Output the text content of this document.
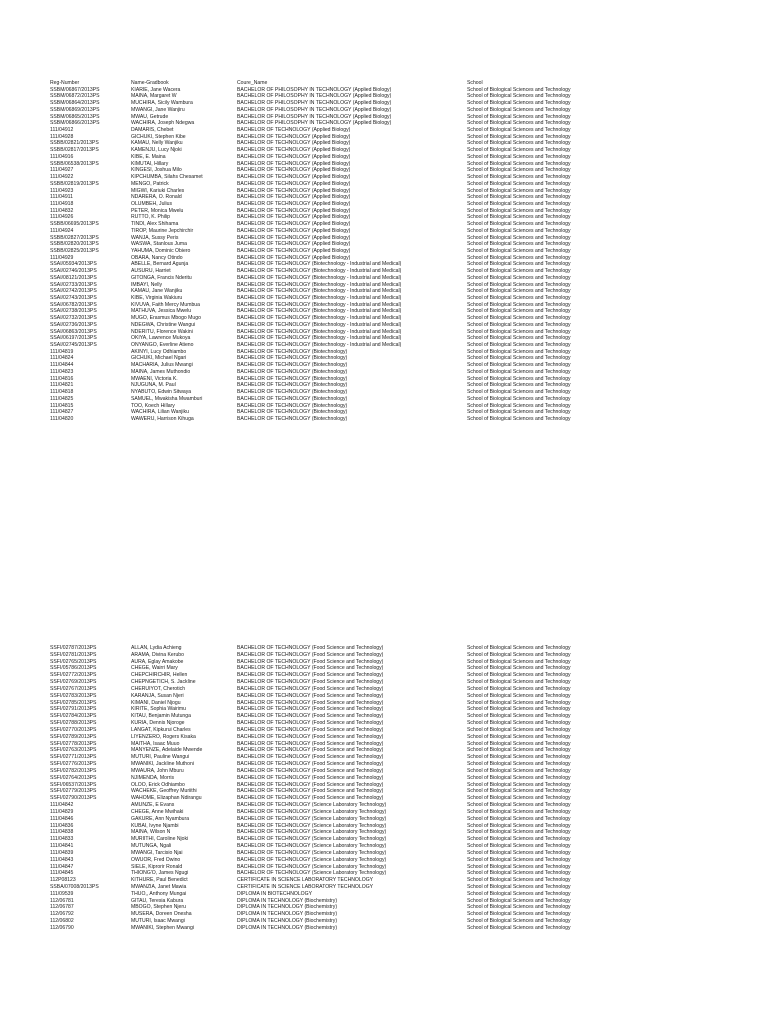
Reg-Number	Name-Gradbook	Coure_Name	School
SSBM/06867/2013PS	KIARIE, Jane Wacera	BACHELOR OF PHILOSOPHY IN TECHNOLOGY (Applied Biology)	School of Biological Sciences and Technology
SSBM/06872/2013PS	MAINA, Margaret W	BACHELOR OF PHILOSOPHY IN TECHNOLOGY (Applied Biology)	School of Biological Sciences and Technology
SSBM/06864/2013PS	MUCHIRA, Sicily Wambura	BACHELOR OF PHILOSOPHY IN TECHNOLOGY (Applied Biology)	School of Biological Sciences and Technology
SSBM/06869/2013PS	MWANGI, Jane Wanjiru	BACHELOR OF PHILOSOPHY IN TECHNOLOGY (Applied Biology)	School of Biological Sciences and Technology
SSBM/06865/2013PS	MWAU, Getrude	BACHELOR OF PHILOSOPHY IN TECHNOLOGY (Applied Biology)	School of Biological Sciences and Technology
SSBM/06866/2013PS	WACHIRA, Joseph Ndegwa	BACHELOR OF PHILOSOPHY IN TECHNOLOGY (Applied Biology)	School of Biological Sciences and Technology
111/04912	DAMARIS, Chebet	BACHELOR OF TECHNOLOGY (Applied Biology)	School of Biological Sciences and Technology
111/04928	GICHUKI, Stephen Kibe	BACHELOR OF TECHNOLOGY (Applied Biology)	School of Biological Sciences and Technology
SSBB/02821/2013PS	KAMAU, Nelly Wanjiku	BACHELOR OF TECHNOLOGY (Applied Biology)	School of Biological Sciences and Technology
SSBB/02817/2013PS	KAMENJU, Lucy Njoki	BACHELOR OF TECHNOLOGY (Applied Biology)	School of Biological Sciences and Technology
111/04916	KIBE, E. Maina	BACHELOR OF TECHNOLOGY (Applied Biology)	School of Biological Sciences and Technology
SSBB/06538/2013PS	KIMUTAI, Hillary	BACHELOR OF TECHNOLOGY (Applied Biology)	School of Biological Sciences and Technology
111/04927	KINGESI, Joshua Milo	BACHELOR OF TECHNOLOGY (Applied Biology)	School of Biological Sciences and Technology
111/04922	KIPCHUMBA, Silahs Chesamet	BACHELOR OF TECHNOLOGY (Applied Biology)	School of Biological Sciences and Technology
SSBB/02819/2013PS	MENGO, Patrick	BACHELOR OF TECHNOLOGY (Applied Biology)	School of Biological Sciences and Technology
111/04923	MIGWI, Kariuki Charles	BACHELOR OF TECHNOLOGY (Applied Biology)	School of Biological Sciences and Technology
111/04911	NDARERA, O. Ronald	BACHELOR OF TECHNOLOGY (Applied Biology)	School of Biological Sciences and Technology
111/04918	OLUMBEH, Julius	BACHELOR OF TECHNOLOGY (Applied Biology)	School of Biological Sciences and Technology
111/04832	PETER, Monica Mwelu	BACHELOR OF TECHNOLOGY (Applied Biology)	School of Biological Sciences and Technology
111/04926	RUTTO, K. Philip	BACHELOR OF TECHNOLOGY (Applied Biology)	School of Biological Sciences and Technology
SSBB/06695/2013PS	TINDI, Alex Shihama	BACHELOR OF TECHNOLOGY (Applied Biology)	School of Biological Sciences and Technology
111/04924	TIROP, Maurine Jepchirchir	BACHELOR OF TECHNOLOGY (Applied Biology)	School of Biological Sciences and Technology
SSBB/02827/2013PS	WANJA, Sussy Peris	BACHELOR OF TECHNOLOGY (Applied Biology)	School of Biological Sciences and Technology
SSBB/02820/2013PS	WASWA, Stanlous Juma	BACHELOR OF TECHNOLOGY (Applied Biology)	School of Biological Sciences and Technology
SSBB/02825/2013PS	YAHUMA, Dominic Obiero	BACHELOR OF TECHNOLOGY (Applied Biology)	School of Biological Sciences and Technology
111/04929	OBARA, Nancy Otindo	BACHELOR OF TECHNOLOGY (Applied Biology)	School of Biological Sciences and Technology
SSAI/05934/2013PS	ABELLE, Bernard Agunja	BACHELOR OF TECHNOLOGY (Biotechnology - Industrial and Medical)	School of Biological Sciences and Technology
SSAI/02746/2013PS	AUSURU, Harriet	BACHELOR OF TECHNOLOGY (Biotechnology - Industrial and Medical)	School of Biological Sciences and Technology
SSAI/08121/2013PS	GITONGA, Francis Nderitu	BACHELOR OF TECHNOLOGY (Biotechnology - Industrial and Medical)	School of Biological Sciences and Technology
SSAI/02733/2013PS	IMBAYI, Nelly	BACHELOR OF TECHNOLOGY (Biotechnology - Industrial and Medical)	School of Biological Sciences and Technology
SSAI/02742/2013PS	KAMAU, Jane Wanjiku	BACHELOR OF TECHNOLOGY (Biotechnology - Industrial and Medical)	School of Biological Sciences and Technology
SSAI/02743/2013PS	KIBE, Virginia Wakiuru	BACHELOR OF TECHNOLOGY (Biotechnology - Industrial and Medical)	School of Biological Sciences and Technology
SSAI/06782/2013PS	KIVUVA, Faith Mercy Mumbua	BACHELOR OF TECHNOLOGY (Biotechnology - Industrial and Medical)	School of Biological Sciences and Technology
SSAI/02738/2013PS	MATHUVA, Jessica Mwelu	BACHELOR OF TECHNOLOGY (Biotechnology - Industrial and Medical)	School of Biological Sciences and Technology
SSAI/02732/2013PS	MUGO, Erasmus Mbogo Mugo	BACHELOR OF TECHNOLOGY (Biotechnology - Industrial and Medical)	School of Biological Sciences and Technology
SSAI/02736/2013PS	NDEGWA, Christine Wangui	BACHELOR OF TECHNOLOGY (Biotechnology - Industrial and Medical)	School of Biological Sciences and Technology
SSAI/06863/2013PS	NDERITU, Florence Wakini	BACHELOR OF TECHNOLOGY (Biotechnology - Industrial and Medical)	School of Biological Sciences and Technology
SSAI/06197/2013PS	OKIYA, Lawrence Mukoya	BACHELOR OF TECHNOLOGY (Biotechnology - Industrial and Medical)	School of Biological Sciences and Technology
SSAI/02745/2013PS	ONYANGO, Everline Atieno	BACHELOR OF TECHNOLOGY (Biotechnology - Industrial and Medical)	School of Biological Sciences and Technology
111/04819	AKINYI, Lucy Odhiambo	BACHELOR OF TECHNOLOGY (Biotechnology)	School of Biological Sciences and Technology
111/04824	GICHUKI, Michael Ngari	BACHELOR OF TECHNOLOGY (Biotechnology)	School of Biological Sciences and Technology
111/04844	MACHARIA, Julius Mwangi	BACHELOR OF TECHNOLOGY (Biotechnology)	School of Biological Sciences and Technology
111/04823	MAINA, James Muthondio	BACHELOR OF TECHNOLOGY (Biotechnology)	School of Biological Sciences and Technology
111/04816	MWAENI, Victoria K.	BACHELOR OF TECHNOLOGY (Biotechnology)	School of Biological Sciences and Technology
111/04821	NJUGUNA, M. Paul	BACHELOR OF TECHNOLOGY (Biotechnology)	School of Biological Sciences and Technology
111/04818	NYABUTO, Edwin Sitwaya	BACHELOR OF TECHNOLOGY (Biotechnology)	School of Biological Sciences and Technology
111/04825	SAMUEL, Mwakisha Mwamburi	BACHELOR OF TECHNOLOGY (Biotechnology)	School of Biological Sciences and Technology
111/04815	TOO, Koech Hillary	BACHELOR OF TECHNOLOGY (Biotechnology)	School of Biological Sciences and Technology
111/04827	WACHIRA, Lilian Wanjiku	BACHELOR OF TECHNOLOGY (Biotechnology)	School of Biological Sciences and Technology
111/04820	WAWERU, Harrison Kihuga	BACHELOR OF TECHNOLOGY (Biotechnology)	School of Biological Sciences and Technology
SSFI/02787/2013PS	ALLAN, Lydia Achieng	BACHELOR OF TECHNOLOGY (Food Science and Technology)	School of Biological Sciences and Technology
SSFI/02781/2013PS	ARAMA, Divina Kerubo	BACHELOR OF TECHNOLOGY (Food Science and Technology)	School of Biological Sciences and Technology
SSFI/02765/2013PS	AURA, Eglay Amakobe	BACHELOR OF TECHNOLOGY (Food Science and Technology)	School of Biological Sciences and Technology
SSFI/05786/2013PS	CHEGE, Wairri Mary	BACHELOR OF TECHNOLOGY (Food Science and Technology)	School of Biological Sciences and Technology
SSFI/02772/2013PS	CHEPCHIRCHIR, Hellen	BACHELOR OF TECHNOLOGY (Food Science and Technology)	School of Biological Sciences and Technology
SSFI/02769/2013PS	CHEPNGETICH, S. Jackline	BACHELOR OF TECHNOLOGY (Food Science and Technology)	School of Biological Sciences and Technology
SSFI/02767/2013PS	CHERUIYOT, Cherotich	BACHELOR OF TECHNOLOGY (Food Science and Technology)	School of Biological Sciences and Technology
SSFI/02783/2013PS	KARANJA, Susan Njeri	BACHELOR OF TECHNOLOGY (Food Science and Technology)	School of Biological Sciences and Technology
SSFI/02785/2013PS	KIMANI, Daniel Njogu	BACHELOR OF TECHNOLOGY (Food Science and Technology)	School of Biological Sciences and Technology
SSFI/02791/2013PS	KIRITE, Sophia Wairimu	BACHELOR OF TECHNOLOGY (Food Science and Technology)	School of Biological Sciences and Technology
SSFI/02784/2013PS	KITAU, Benjamin Mutunga	BACHELOR OF TECHNOLOGY (Food Science and Technology)	School of Biological Sciences and Technology
SSFI/02788/2013PS	KURIA, Dennis Njoroge	BACHELOR OF TECHNOLOGY (Food Science and Technology)	School of Biological Sciences and Technology
SSFI/02770/2013PS	LANGAT, Kipkurui Charles	BACHELOR OF TECHNOLOGY (Food Science and Technology)	School of Biological Sciences and Technology
SSFI/02789/2013PS	LIYENZERO, Rogers Kisaka	BACHELOR OF TECHNOLOGY (Food Science and Technology)	School of Biological Sciences and Technology
SSFI/02778/2013PS	MAITHA, Isaac Muuo	BACHELOR OF TECHNOLOGY (Food Science and Technology)	School of Biological Sciences and Technology
SSFI/02763/2013PS	MANYENZE, Adelaide Mwende	BACHELOR OF TECHNOLOGY (Food Science and Technology)	School of Biological Sciences and Technology
SSFI/02771/2013PS	MUTURI, Pauline Wangui	BACHELOR OF TECHNOLOGY (Food Science and Technology)	School of Biological Sciences and Technology
SSFI/02776/2013PS	MWANIKI, Jackline Muthoni	BACHELOR OF TECHNOLOGY (Food Science and Technology)	School of Biological Sciences and Technology
SSFI/02782/2013PS	MWAURA, John Mburu	BACHELOR OF TECHNOLOGY (Food Science and Technology)	School of Biological Sciences and Technology
SSFI/02764/2013PS	NJIMENDA, Morris	BACHELOR OF TECHNOLOGY (Food Science and Technology)	School of Biological Sciences and Technology
SSFI/06537/2013PS	OLOO, Erick Odhiambo	BACHELOR OF TECHNOLOGY (Food Science and Technology)	School of Biological Sciences and Technology
SSFI/02779/2013PS	WACHEKE, Geoffrey Muriithi	BACHELOR OF TECHNOLOGY (Food Science and Technology)	School of Biological Sciences and Technology
SSFI/02790/2013PS	WAHOME, Elizaphan Ndirangu	BACHELOR OF TECHNOLOGY (Food Science and Technology)	School of Biological Sciences and Technology
111/04842	AMUNZE, E Evans	BACHELOR OF TECHNOLOGY (Science Laboratory Technology)	School of Biological Sciences and Technology
111/04829	CHEGE, Anne Mwihaki	BACHELOR OF TECHNOLOGY (Science Laboratory Technology)	School of Biological Sciences and Technology
111/04846	GAKURE, Ann Nyambura	BACHELOR OF TECHNOLOGY (Science Laboratory Technology)	School of Biological Sciences and Technology
111/04836	KUBAI, Ivyne Njambi	BACHELOR OF TECHNOLOGY (Science Laboratory Technology)	School of Biological Sciences and Technology
111/04838	MAINA, Wilson N	BACHELOR OF TECHNOLOGY (Science Laboratory Technology)	School of Biological Sciences and Technology
111/04833	MURIITHI, Caroline Njoki	BACHELOR OF TECHNOLOGY (Science Laboratory Technology)	School of Biological Sciences and Technology
111/04841	MUTUNGA, Ngali	BACHELOR OF TECHNOLOGY (Science Laboratory Technology)	School of Biological Sciences and Technology
111/04839	MWANGI, Tarcisio Njai	BACHELOR OF TECHNOLOGY (Science Laboratory Technology)	School of Biological Sciences and Technology
111/04843	OWUOR, Fred Owino	BACHELOR OF TECHNOLOGY (Science Laboratory Technology)	School of Biological Sciences and Technology
111/04847	SIELE, Kiprorir Ronald	BACHELOR OF TECHNOLOGY (Science Laboratory Technology)	School of Biological Sciences and Technology
111/04845	THIONG'O, James Ngugi	BACHELOR OF TECHNOLOGY (Science Laboratory Technology)	School of Biological Sciences and Technology
112P08123	KITHURE, Paul Benedict	CERTIFICATE IN SCIENCE LABORATORY TECHNOLOGY	School of Biological Sciences and Technology
SSBA/07008/2013PS	MWANZIA, Janet Mawia	CERTIFICATE IN SCIENCE LABORATORY TECHNOLOGY	School of Biological Sciences and Technology
111/09539	THUO,, Anthony Mungai	DIPLOMA IN BIOTECHNOLOGY	School of Biological Sciences and Technology
112/06781	GITAU, Teresia Kabura	DIPLOMA IN TECHNOLOGY (Biochemistry)	School of Biological Sciences and Technology
112/06787	MBOGO, Stephen Njeru	DIPLOMA IN TECHNOLOGY (Biochemistry)	School of Biological Sciences and Technology
112/06792	MUSERA, Doreen Onesha	DIPLOMA IN TECHNOLOGY (Biochemistry)	School of Biological Sciences and Technology
112/06802	MUTURI, Isaac Mwangi	DIPLOMA IN TECHNOLOGY (Biochemistry)	School of Biological Sciences and Technology
112/06790	MWANIKI, Stephen Mwangi	DIPLOMA IN TECHNOLOGY (Biochemistry)	School of Biological Sciences and Technology
